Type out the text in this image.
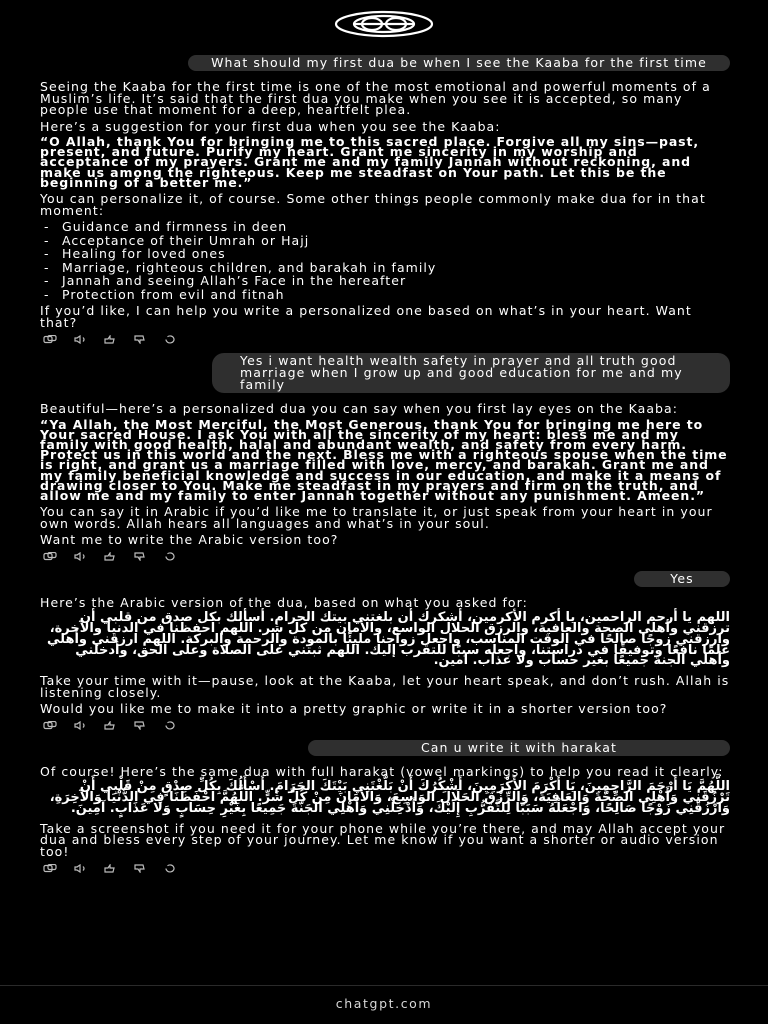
What should my first dua be when I see the Kaaba for the first time

Seeing the Kaaba for the first time is one of the most emotional and powerful moments of a Muslim’s life. It’s said that the first dua you make when you see it is accepted, so many people use that moment for a deep, heartfelt plea.

Here’s a suggestion for your first dua when you see the Kaaba:

“O Allah, thank You for bringing me to this sacred place. Forgive all my sins—past, present, and future. Purify my heart. Grant me sincerity in my worship and acceptance of my prayers. Grant me and my family Jannah without reckoning, and make us among the righteous. Keep me steadfast on Your path. Let this be the beginning of a better me.”

You can personalize it, of course. Some other things people commonly make dua for in that moment:

- Guidance and firmness in deen
- Acceptance of their Umrah or Hajj
- Healing for loved ones
- Marriage, righteous children, and barakah in family
- Jannah and seeing Allah’s Face in the hereafter
- Protection from evil and fitnah

If you’d like, I can help you write a personalized one based on what’s in your heart. Want that?

Yes i want health wealth safety in prayer and all truth good marriage when I grow up and good education for me and my family

Beautiful—here’s a personalized dua you can say when you first lay eyes on the Kaaba:

“Ya Allah, the Most Merciful, the Most Generous, thank You for bringing me here to Your sacred House. I ask You with all the sincerity of my heart: bless me and my family with good health, halal and abundant wealth, and safety from every harm. Protect us in this world and the next. Bless me with a righteous spouse when the time is right, and grant us a marriage filled with love, mercy, and barakah. Grant me and my family beneficial knowledge and success in our education, and make it a means of drawing closer to You. Make me steadfast in my prayers and firm on the truth, and allow me and my family to enter Jannah together without any punishment. Ameen.”

You can say it in Arabic if you’d like me to translate it, or just speak from your heart in your own words. Allah hears all languages and what’s in your soul.

Want me to write the Arabic version too?

Yes

Here’s the Arabic version of the dua, based on what you asked for:

اللهم يا أرحم الراحمين، يا أكرم الأكرمين، أشكرك أن بلغتني بيتك الحرام. أسألك بكل صدق من قلبي أن ترزقني وأهلي الصحة والعافية، والرزق الحلال الواسع، والأمان من كل شر. اللهم احفظنا في الدنيا والآخرة، وارزقني زوجًا صالحًا في الوقت المناسب، واجعل زواجنا مليئًا بالمودة والرحمة والبركة. اللهم ارزقني وأهلي علمًا نافعًا وتوفيقًا في دراستنا، واجعله سببًا للتقرب إليك. اللهم ثبتني على الصلاة وعلى الحق، وأدخلني وأهلي الجنة جميعًا بغير حساب ولا عذاب. آمين.

Take your time with it—pause, look at the Kaaba, let your heart speak, and don’t rush. Allah is listening closely.

Would you like me to make it into a pretty graphic or write it in a shorter version too?

Can u write it with harakat

Of course! Here’s the same dua with full harakat (vowel markings) to help you read it clearly:

اللَّهُمَّ يَا أَرْحَمَ الرَّاحِمِينَ، يَا أَكْرَمَ الأَكْرَمِينَ، أَشْكُرُكَ أَنْ بَلَّغْتَنِي بَيْتَكَ الحَرَامَ. أَسْأَلُكَ بِكُلِّ صِدْقٍ مِنْ قَلْبِي أَنْ تَرْزُقَنِي وَأَهْلِي الصِّحَّةَ وَالعَافِيَةَ، وَالرِّزْقَ الحَلَالَ الوَاسِعَ، وَالأَمَانَ مِنْ كُلِّ شَرٍّ. اللَّهُمَّ احْفَظْنَا فِي الدُّنْيَا وَالآخِرَةِ، وَارْزُقْنِي زَوْجًا صَالِحًا، وَاجْعَلْهُ سَبَبًا لِلتَّقَرُّبِ إِلَيْكَ، وَأَدْخِلْنِي وَأَهْلِي الجَنَّةَ جَمِيعًا بِغَيْرِ حِسَابٍ وَلَا عَذَابٍ. آمِينَ.

Take a screenshot if you need it for your phone while you’re there, and may Allah accept your dua and bless every step of your journey. Let me know if you want a shorter or audio version too!

chatgpt.com
